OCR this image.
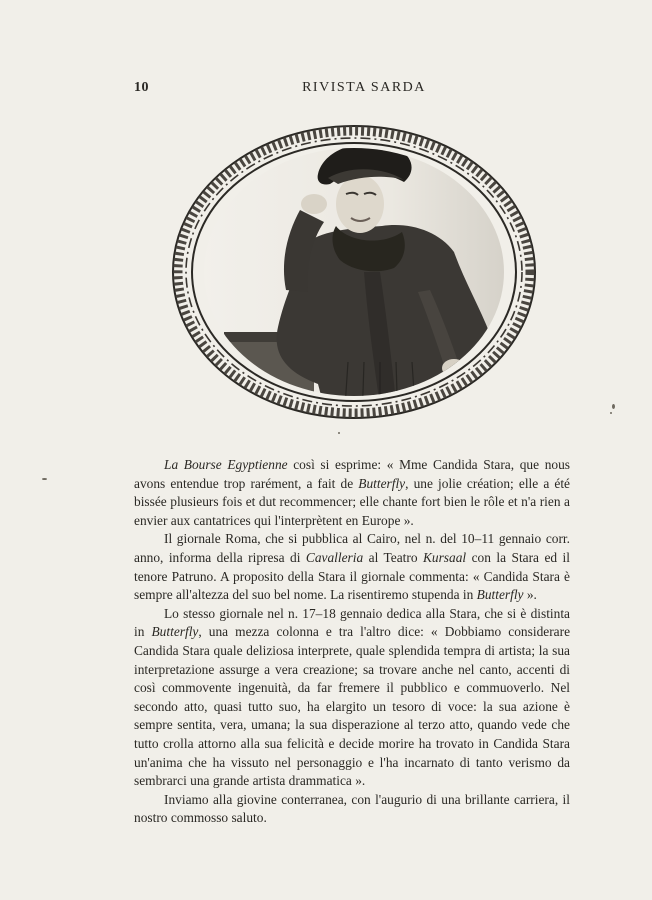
10	RIVISTA SARDA

La Bourse Egyptienne così si esprime: « Mme Candida Stara, que nous avons entendue trop rarément, a fait de Butterfly, une jolie création; elle a été bissée plusieurs fois et dut recommencer; elle chante fort bien le rôle et n'a rien a envier aux cantatrices qui l'interprètent en Europe ».

Il giornale Roma, che si pubblica al Cairo, nel n. del 10–11 gennaio corr. anno, informa della ripresa di Cavalleria al Teatro Kursaal con la Stara ed il tenore Patruno. A proposito della Stara il giornale commenta: « Candida Stara è sempre all'altezza del suo bel nome. La risentiremo stupenda in Butterfly ».

Lo stesso giornale nel n. 17–18 gennaio dedica alla Stara, che si è distinta in Butterfly, una mezza colonna e tra l'altro dice: « Dobbiamo considerare Candida Stara quale deliziosa interprete, quale splendida tempra di artista; la sua interpretazione assurge a vera creazione; sa trovare anche nel canto, accenti di così commovente ingenuità, da far fremere il pubblico e commuoverlo. Nel secondo atto, quasi tutto suo, ha elargito un tesoro di voce: la sua azione è sempre sentita, vera, umana; la sua disperazione al terzo atto, quando vede che tutto crolla attorno alla sua felicità e decide morire ha trovato in Candida Stara un'anima che ha vissuto nel personaggio e l'ha incarnato di tanto verismo da sembrarci una grande artista drammatica ».

Inviamo alla giovine conterranea, con l'augurio di una brillante carriera, il nostro commosso saluto.
